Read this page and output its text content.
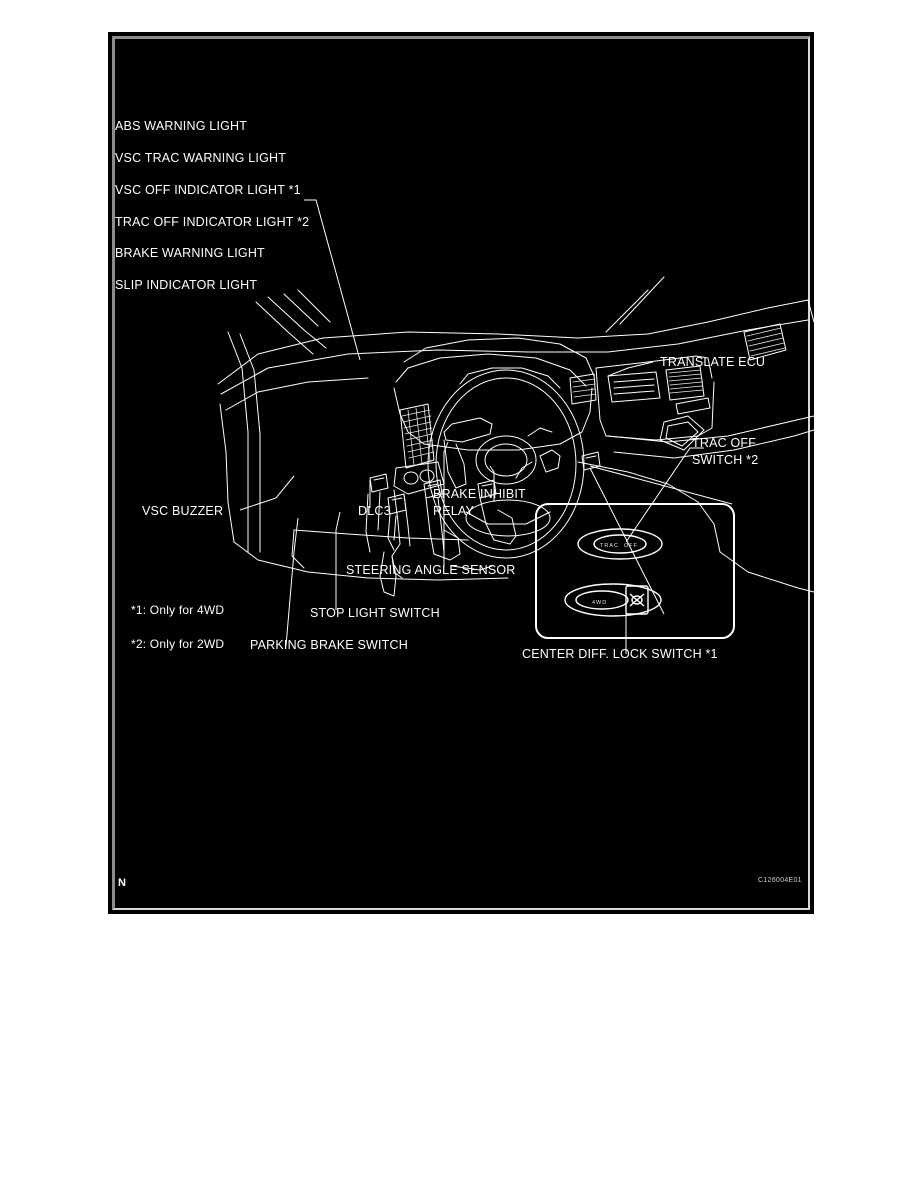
ABS WARNING LIGHT
VSC TRAC WARNING LIGHT
VSC OFF INDICATOR LIGHT *1
TRAC OFF INDICATOR LIGHT *2
BRAKE WARNING LIGHT
SLIP INDICATOR LIGHT
TRANSLATE ECU
TRAC OFF
SWITCH *2
BRAKE INHIBIT
RELAY
VSC BUZZER	DLC3
STEERING ANGLE SENSOR
STOP LIGHT SWITCH
PARKING BRAKE SWITCH
CENTER DIFF. LOCK SWITCH *1
*1: Only for 4WD
*2: Only for 2WD
TRAC  OFF
4WD
N	C126004E01
